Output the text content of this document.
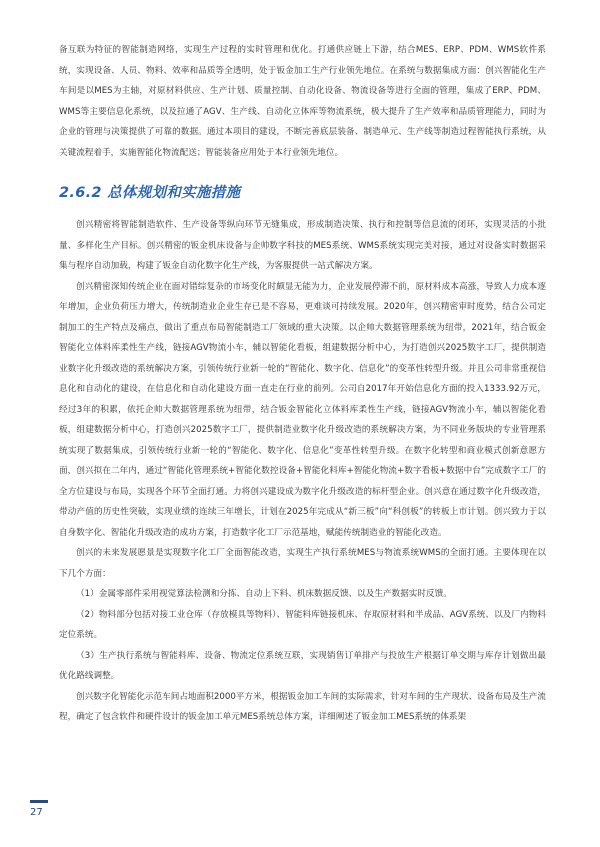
备互联为特征的智能制造网络，实现生产过程的实时管理和优化。打通供应链上下游，结合MES、ERP、PDM、WMS软件系统，实现设备、人员、物料、效率和品质等全透明，处于钣金加工生产行业领先地位。在系统与数据集成方面：创兴智能化生产车间是以MES为主轴，对原材料供应、生产计划、质量控制、自动化设备、物流设备等进行全面的管理，集成了ERP、PDM、WMS等主要信息化系统，以及拉通了AGV、生产线、自动化立体库等物流系统，极大提升了生产效率和品质管理能力，同时为企业的管理与决策提供了可靠的数据。通过本项目的建设，不断完善底层装备、制造单元、生产线等制造过程智能执行系统，从关键流程着手，实施智能化物流配送；智能装备应用处于本行业领先地位。

2.6.2 总体规划和实施措施

创兴精密将智能制造软件、生产设备等纵向环节无缝集成，形成制造决策、执行和控制等信息流的闭环，实现灵活的小批量、多样化生产目标。创兴精密的钣金机床设备与企帅数字科技的MES系统、WMS系统实现完美对接，通过对设备实时数据采集与程序自动加载，构建了钣金自动化数字化生产线，为客服提供一站式解决方案。

创兴精密深知传统企业在面对错综复杂的市场变化时颇显无能为力，企业发展停滞不前，原材料成本高涨，导致人力成本逐年增加，企业负荷压力增大，传统制造业企业生存已是不容易，更难谈可持续发展。2020年，创兴精密审时度势，结合公司定制加工的生产特点及痛点，做出了重点布局智能制造工厂领域的重大决策。以企帅大数据管理系统为纽带，2021年，结合钣金智能化立体料库柔性生产线，链接AGV物流小车，辅以智能化看板，组建数据分析中心，为打造创兴2025数字工厂，提供制造业数字化升级改造的系统解决方案，引领传统行业新一轮的“智能化、数字化、信息化”的变革性转型升级。并且公司非常重视信息化和自动化的建设，在信息化和自动化建设方面一直走在行业的前列。公司自2017年开始信息化方面的投入1333.92万元，经过3年的积累，依托企帅大数据管理系统为纽带，结合钣金智能化立体料库柔性生产线，链接AGV物流小车，辅以智能化看板，组建数据分析中心，打造创兴2025数字工厂，提供制造业数字化升级改造的系统解决方案，为不同业务版块的专业管理系统实现了数据集成，引领传统行业新一轮的“智能化、数字化、信息化”变革性转型升级。在数字化转型和商业模式创新意愿方面，创兴拟在二年内，通过“智能化管理系统+智能化数控设备+智能化料库+智能化物流+数字看板+数据中台”完成数字工厂的全方位建设与布局，实现各个环节全面打通。力将创兴建设成为数字化升级改造的标杆型企业。创兴意在通过数字化升级改造，带动产值的历史性突破，实现业绩的连续三年增长，计划在2025年完成从“新三板”向“科创板”的转板上市计划。创兴致力于以自身数字化、智能化升级改造的成功方案，打造数字化工厂示范基地，赋能传统制造业的智能化改造。

创兴的未来发展愿景是实现数字化工厂全面智能改造，实现生产执行系统MES与物流系统WMS的全面打通。主要体现在以下几个方面：

（1）金属零部件采用视觉算法检测和分拣、自动上下料、机床数据反馈、以及生产数据实时反馈。

（2）物料部分包括对接工业仓库（存放模具等物料）、智能料库链接机床、存取原材料和半成品、AGV系统、以及厂内物料定位系统。

（3）生产执行系统与智能料库、设备、物流定位系统互联，实现销售订单排产与投放生产根据订单交期与库存计划做出最优化路线调整。

创兴数字化智能化示范车间占地面积2000平方米，根据钣金加工车间的实际需求，针对车间的生产现状、设备布局及生产流程，确定了包含软件和硬件设计的钣金加工单元MES系统总体方案，详细阐述了钣金加工MES系统的体系架

27
